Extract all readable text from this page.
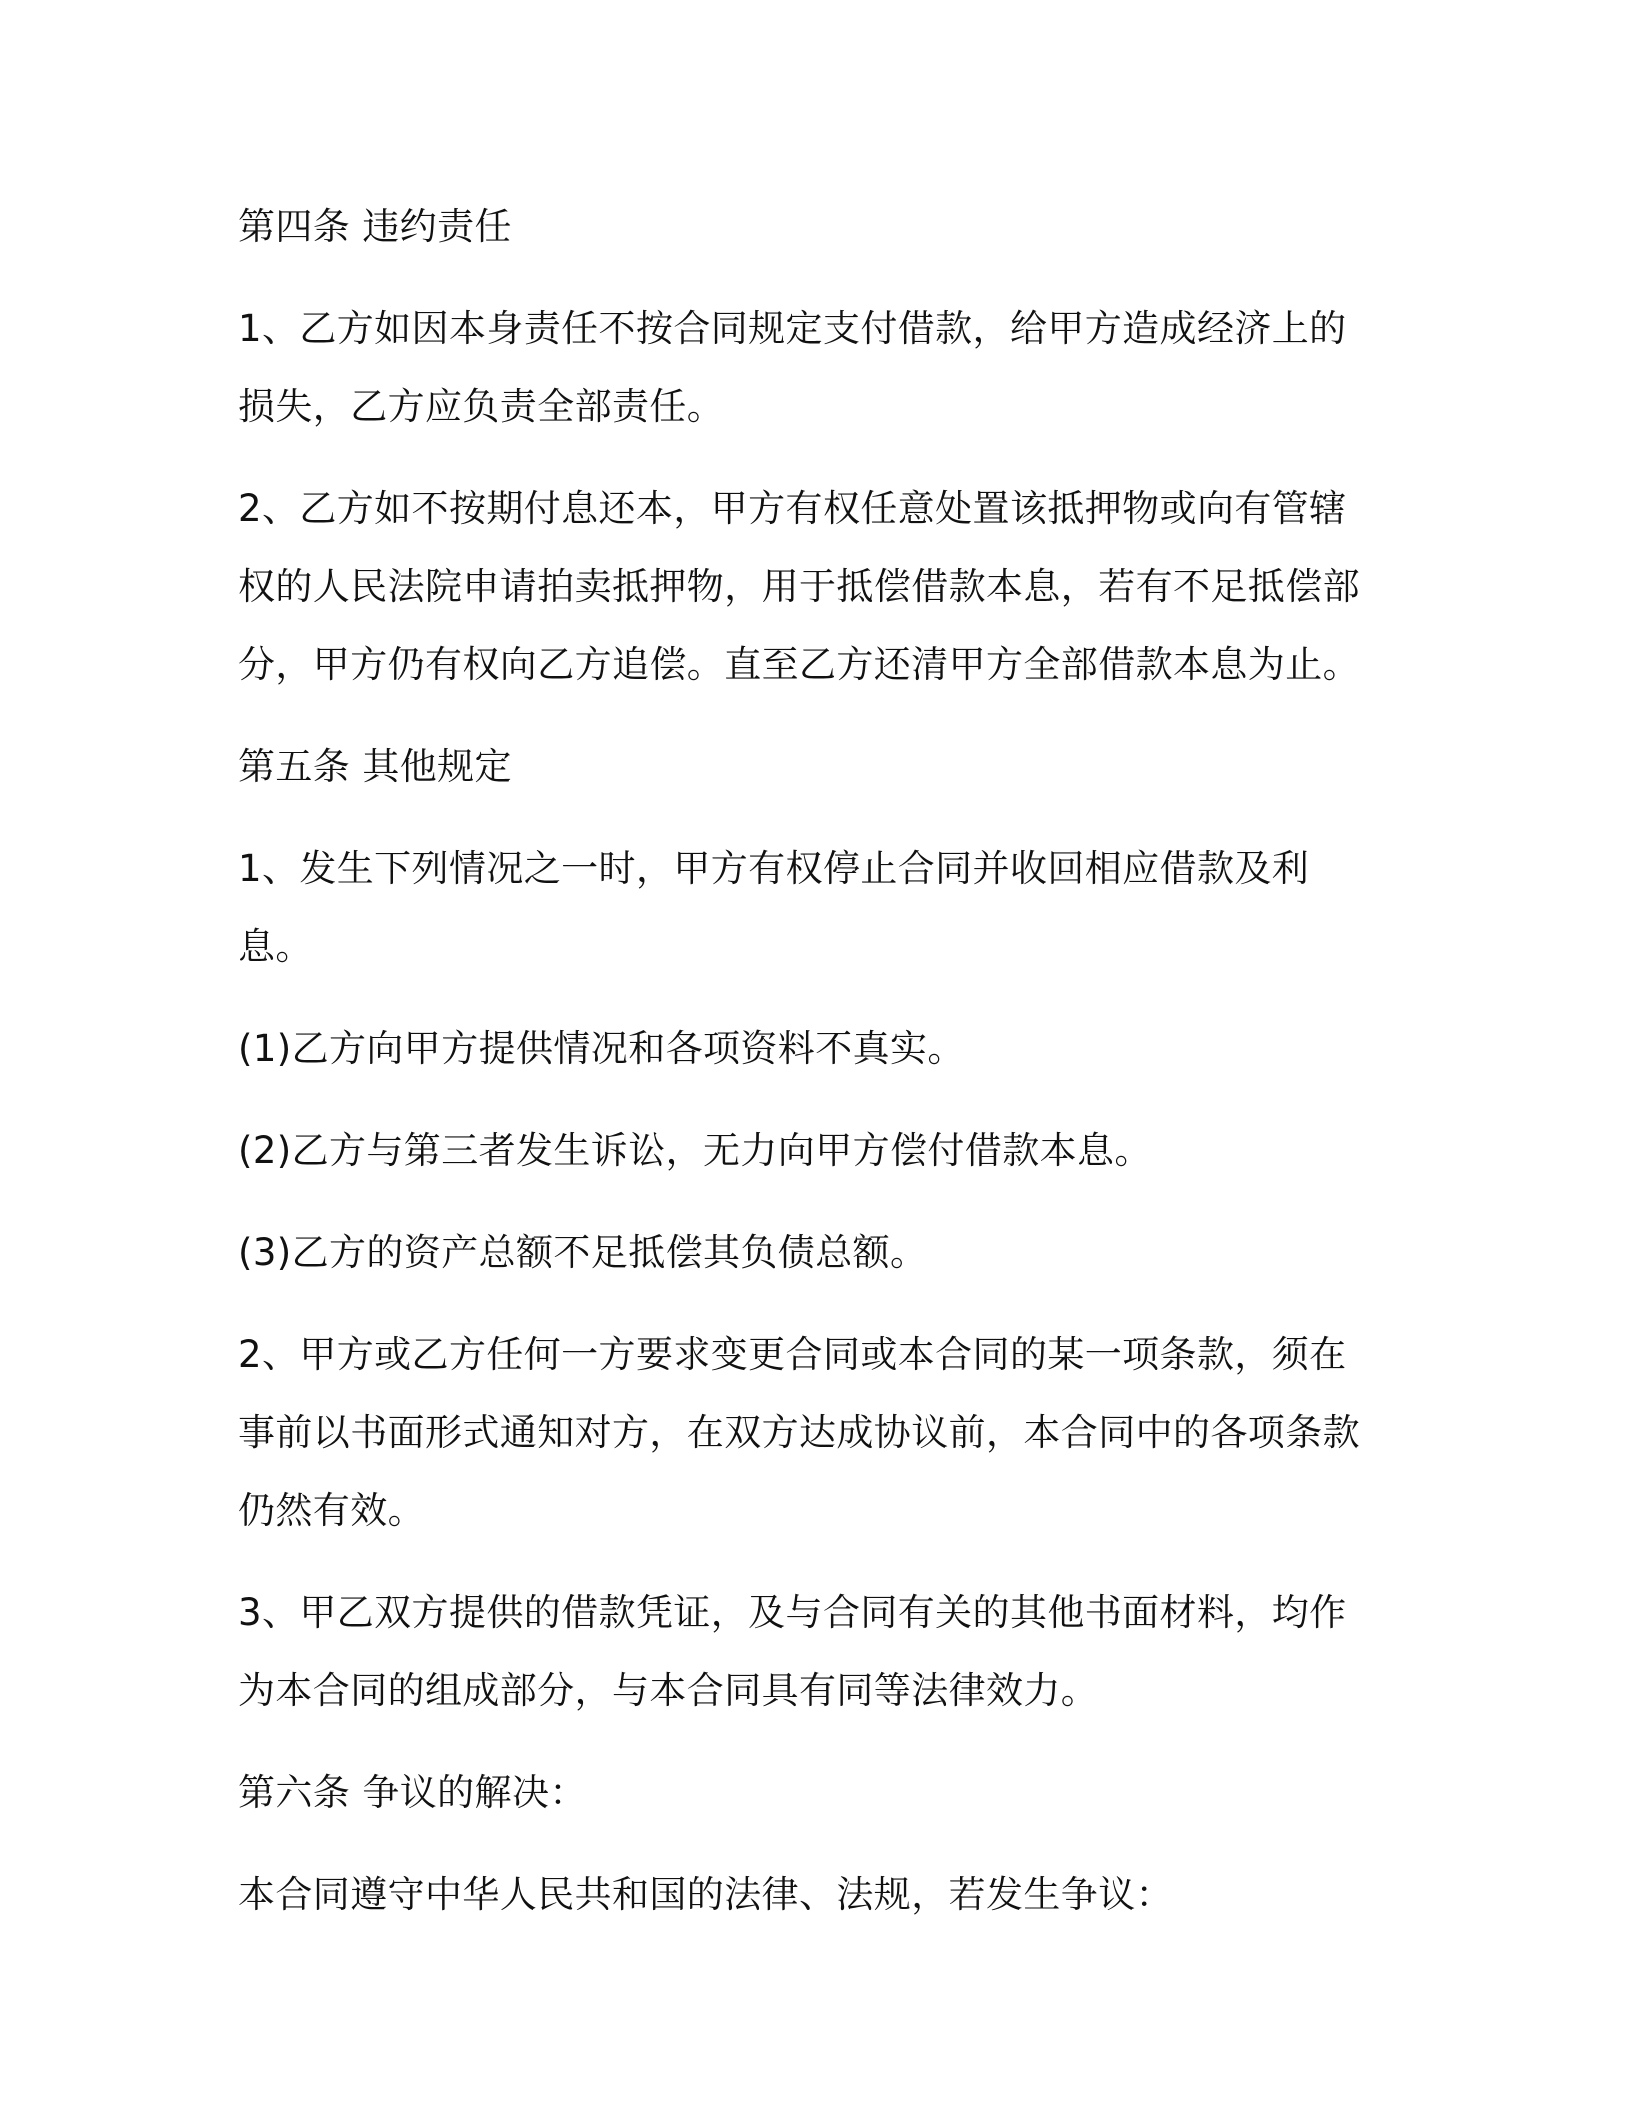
第四条 违约责任

1、乙方如因本身责任不按合同规定支付借款，给甲方造成经济上的损失，乙方应负责全部责任。

2、乙方如不按期付息还本，甲方有权任意处置该抵押物或向有管辖权的人民法院申请拍卖抵押物，用于抵偿借款本息，若有不足抵偿部分，甲方仍有权向乙方追偿。直至乙方还清甲方全部借款本息为止。

第五条 其他规定

1、发生下列情况之一时，甲方有权停止合同并收回相应借款及利息。

(1)乙方向甲方提供情况和各项资料不真实。

(2)乙方与第三者发生诉讼，无力向甲方偿付借款本息。

(3)乙方的资产总额不足抵偿其负债总额。

2、甲方或乙方任何一方要求变更合同或本合同的某一项条款，须在事前以书面形式通知对方，在双方达成协议前，本合同中的各项条款仍然有效。

3、甲乙双方提供的借款凭证，及与合同有关的其他书面材料，均作为本合同的组成部分，与本合同具有同等法律效力。

第六条 争议的解决：

本合同遵守中华人民共和国的法律、法规，若发生争议：
